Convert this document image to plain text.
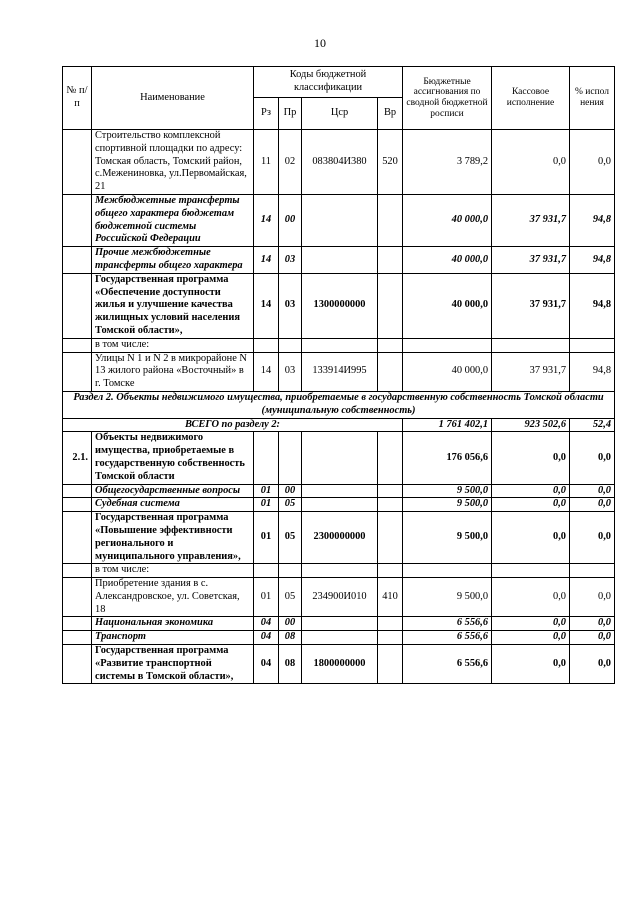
10
№ п/п	Наименование	Коды бюджетной классификации				Бюджетные ассигнования по сводной бюджетной росписи	Кассовое исполнение	% испол нения
		Рз	Пр	Цср	Вр			
	Строительство комплексной спортивной площадки по адресу: Томская область, Томский район, с.Межениновка, ул.Первомайская, 21	11	02	083804И380	520	3 789,2	0,0	0,0
	Межбюджетные трансферты общего характера бюджетам бюджетной системы Российской Федерации	14	00			40 000,0	37 931,7	94,8
	Прочие межбюджетные трансферты общего характера	14	03			40 000,0	37 931,7	94,8
	Государственная программа «Обеспечение доступности жилья и улучшение качества жилищных условий населения Томской области»,	14	03	1300000000		40 000,0	37 931,7	94,8
	в том числе:							
	Улицы N 1 и N 2 в микрорайоне N 13 жилого района «Восточный» в г. Томске	14	03	133914И995		40 000,0	37 931,7	94,8
Раздел 2. Объекты недвижимого имущества, приобретаемые в государственную собственность Томской области (муниципальную собственность)								
ВСЕГО по разделу 2:						1 761 402,1	923 502,6	52,4
2.1.	Объекты недвижимого имущества, приобретаемые в государственную собственность Томской области					176 056,6	0,0	0,0
	Общегосударственные вопросы	01	00			9 500,0	0,0	0,0
	Судебная система	01	05			9 500,0	0,0	0,0
	Государственная программа «Повышение эффективности регионального и муниципального управления»,	01	05	2300000000		9 500,0	0,0	0,0
	в том числе:							
	Приобретение здания в с. Александровское, ул. Советская, 18	01	05	234900И010	410	9 500,0	0,0	0,0
	Национальная экономика	04	00			6 556,6	0,0	0,0
	Транспорт	04	08			6 556,6	0,0	0,0
	Государственная программа «Развитие транспортной системы в Томской области»,	04	08	1800000000		6 556,6	0,0	0,0
